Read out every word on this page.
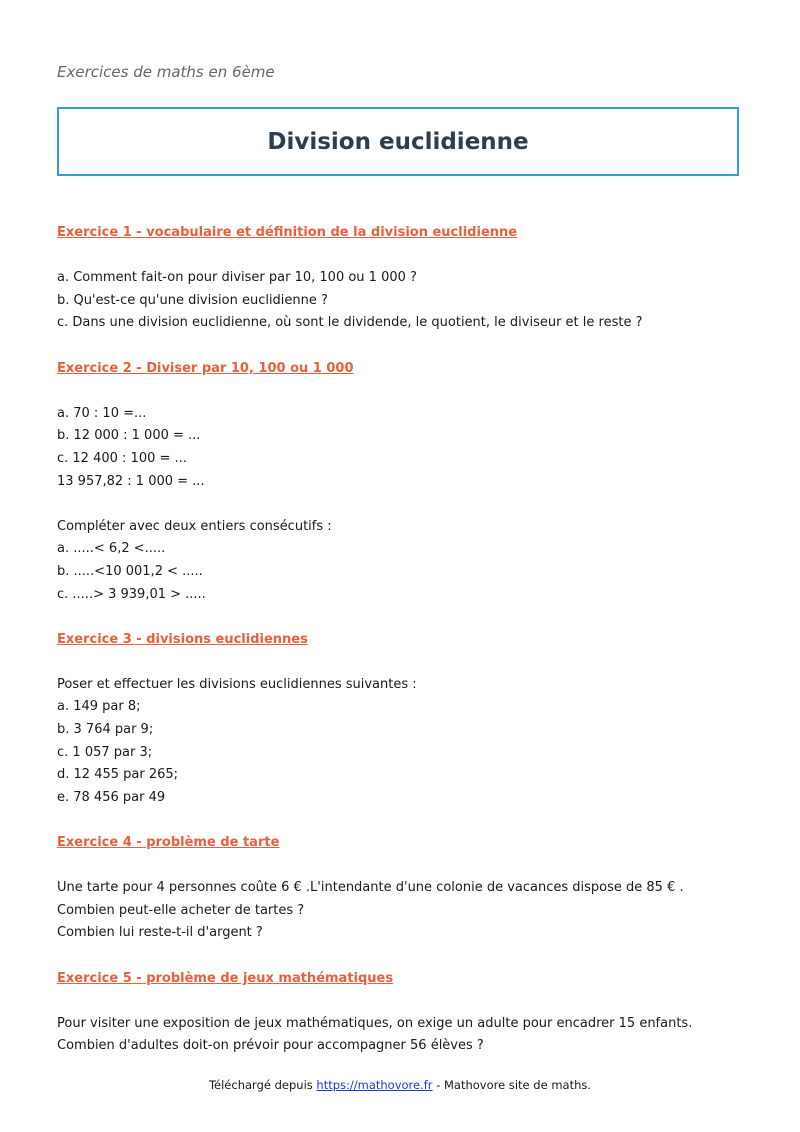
Exercices de maths en 6ème
Division euclidienne
Exercice 1 - vocabulaire et définition de la division euclidienne
a. Comment fait-on pour diviser par 10, 100 ou 1 000 ?
b. Qu'est-ce qu'une division euclidienne ?
c. Dans une division euclidienne, où sont le dividende, le quotient, le diviseur et le reste ?
Exercice 2 - Diviser par 10, 100 ou 1 000
a. 70 : 10 =...
b. 12 000 : 1 000 = ...
c. 12 400 : 100 = ...
13 957,82 : 1 000 = ...
Compléter avec deux entiers consécutifs :
a. .....< 6,2 <.....
b. .....<10 001,2 < .....
c. .....> 3 939,01 > .....
Exercice 3 - divisions euclidiennes
Poser et effectuer les divisions euclidiennes suivantes :
a. 149 par 8;
b. 3 764 par 9;
c. 1 057 par 3;
d. 12 455 par 265;
e. 78 456 par 49
Exercice 4 - problème de tarte
Une tarte pour 4 personnes coûte 6 € .L'intendante d'une colonie de vacances dispose de 85 € .
Combien peut-elle acheter de tartes ?
Combien lui reste-t-il d'argent ?
Exercice 5 - problème de jeux mathématiques
Pour visiter une exposition de jeux mathématiques, on exige un adulte pour encadrer 15 enfants.
Combien d'adultes doit-on prévoir pour accompagner 56 élèves ?
Téléchargé depuis https://mathovore.fr - Mathovore site de maths.
